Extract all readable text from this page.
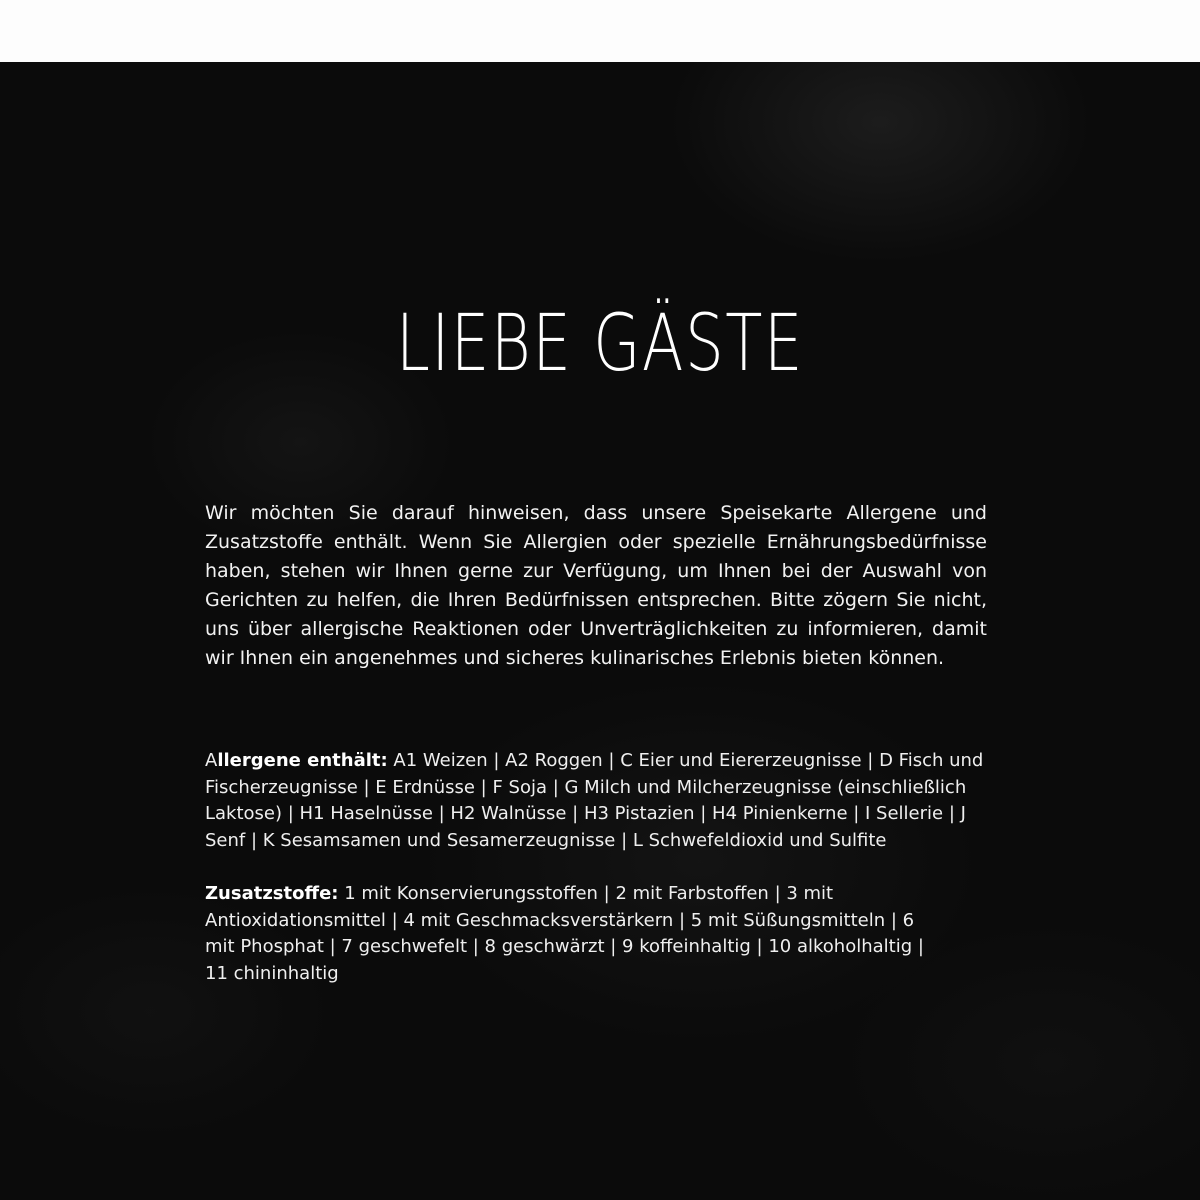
LIEBE GÄSTE

Wir möchten Sie darauf hinweisen, dass unsere Speisekarte Allergene und Zusatzstoffe enthält. Wenn Sie Allergien oder spezielle Ernährungsbedürfnisse haben, stehen wir Ihnen gerne zur Verfügung, um Ihnen bei der Auswahl von Gerichten zu helfen, die Ihren Bedürfnissen entsprechen. Bitte zögern Sie nicht, uns über allergische Reaktionen oder Unverträglichkeiten zu informieren, damit wir Ihnen ein angenehmes und sicheres kulinarisches Erlebnis bieten können.

Allergene enthält: A1 Weizen | A2 Roggen | C Eier und Eiererzeugnisse | D Fisch und Fischerzeugnisse | E Erdnüsse | F Soja | G Milch und Milcherzeugnisse (einschließlich Laktose) | H1 Haselnüsse | H2 Walnüsse | H3 Pistazien | H4 Pinienkerne | I Sellerie | J Senf | K Sesamsamen und Sesamerzeugnisse | L Schwefeldioxid und Sulfite

Zusatzstoffe: 1 mit Konservierungsstoffen | 2 mit Farbstoffen | 3 mit Antioxidationsmittel | 4 mit Geschmacksverstärkern | 5 mit Süßungsmitteln | 6 mit Phosphat | 7 geschwefelt | 8 geschwärzt | 9 koffeinhaltig | 10 alkoholhaltig | 11 chininhaltig
